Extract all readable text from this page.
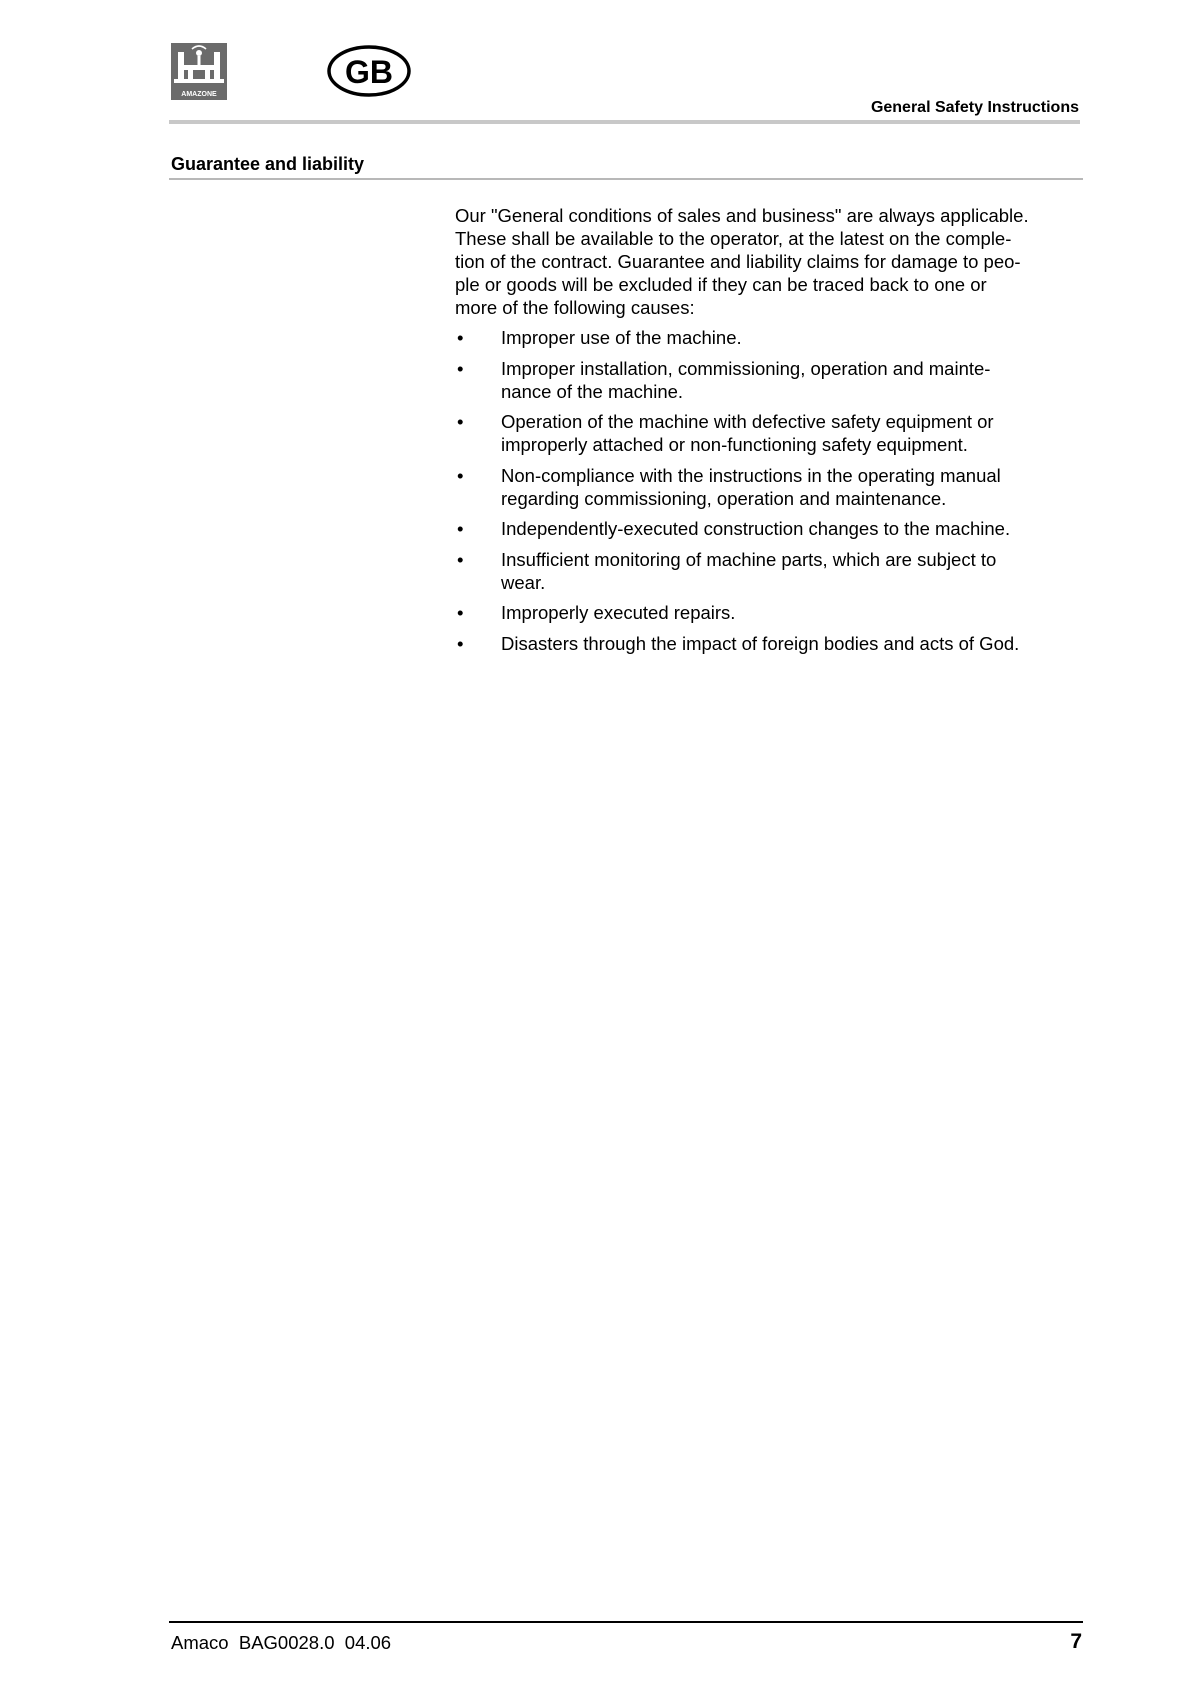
AMAZONE
GB
General Safety Instructions
Guarantee and liability

Our "General conditions of sales and business" are always applicable.
These shall be available to the operator, at the latest on the comple-
tion of the contract. Guarantee and liability claims for damage to peo-
ple or goods will be excluded if they can be traced back to one or
more of the following causes:

• Improper use of the machine.
• Improper installation, commissioning, operation and mainte-
nance of the machine.
• Operation of the machine with defective safety equipment or
improperly attached or non-functioning safety equipment.
• Non-compliance with the instructions in the operating manual
regarding commissioning, operation and maintenance.
• Independently-executed construction changes to the machine.
• Insufficient monitoring of machine parts, which are subject to
wear.
• Improperly executed repairs.
• Disasters through the impact of foreign bodies and acts of God.
Amaco  BAG0028.0  04.06	7
